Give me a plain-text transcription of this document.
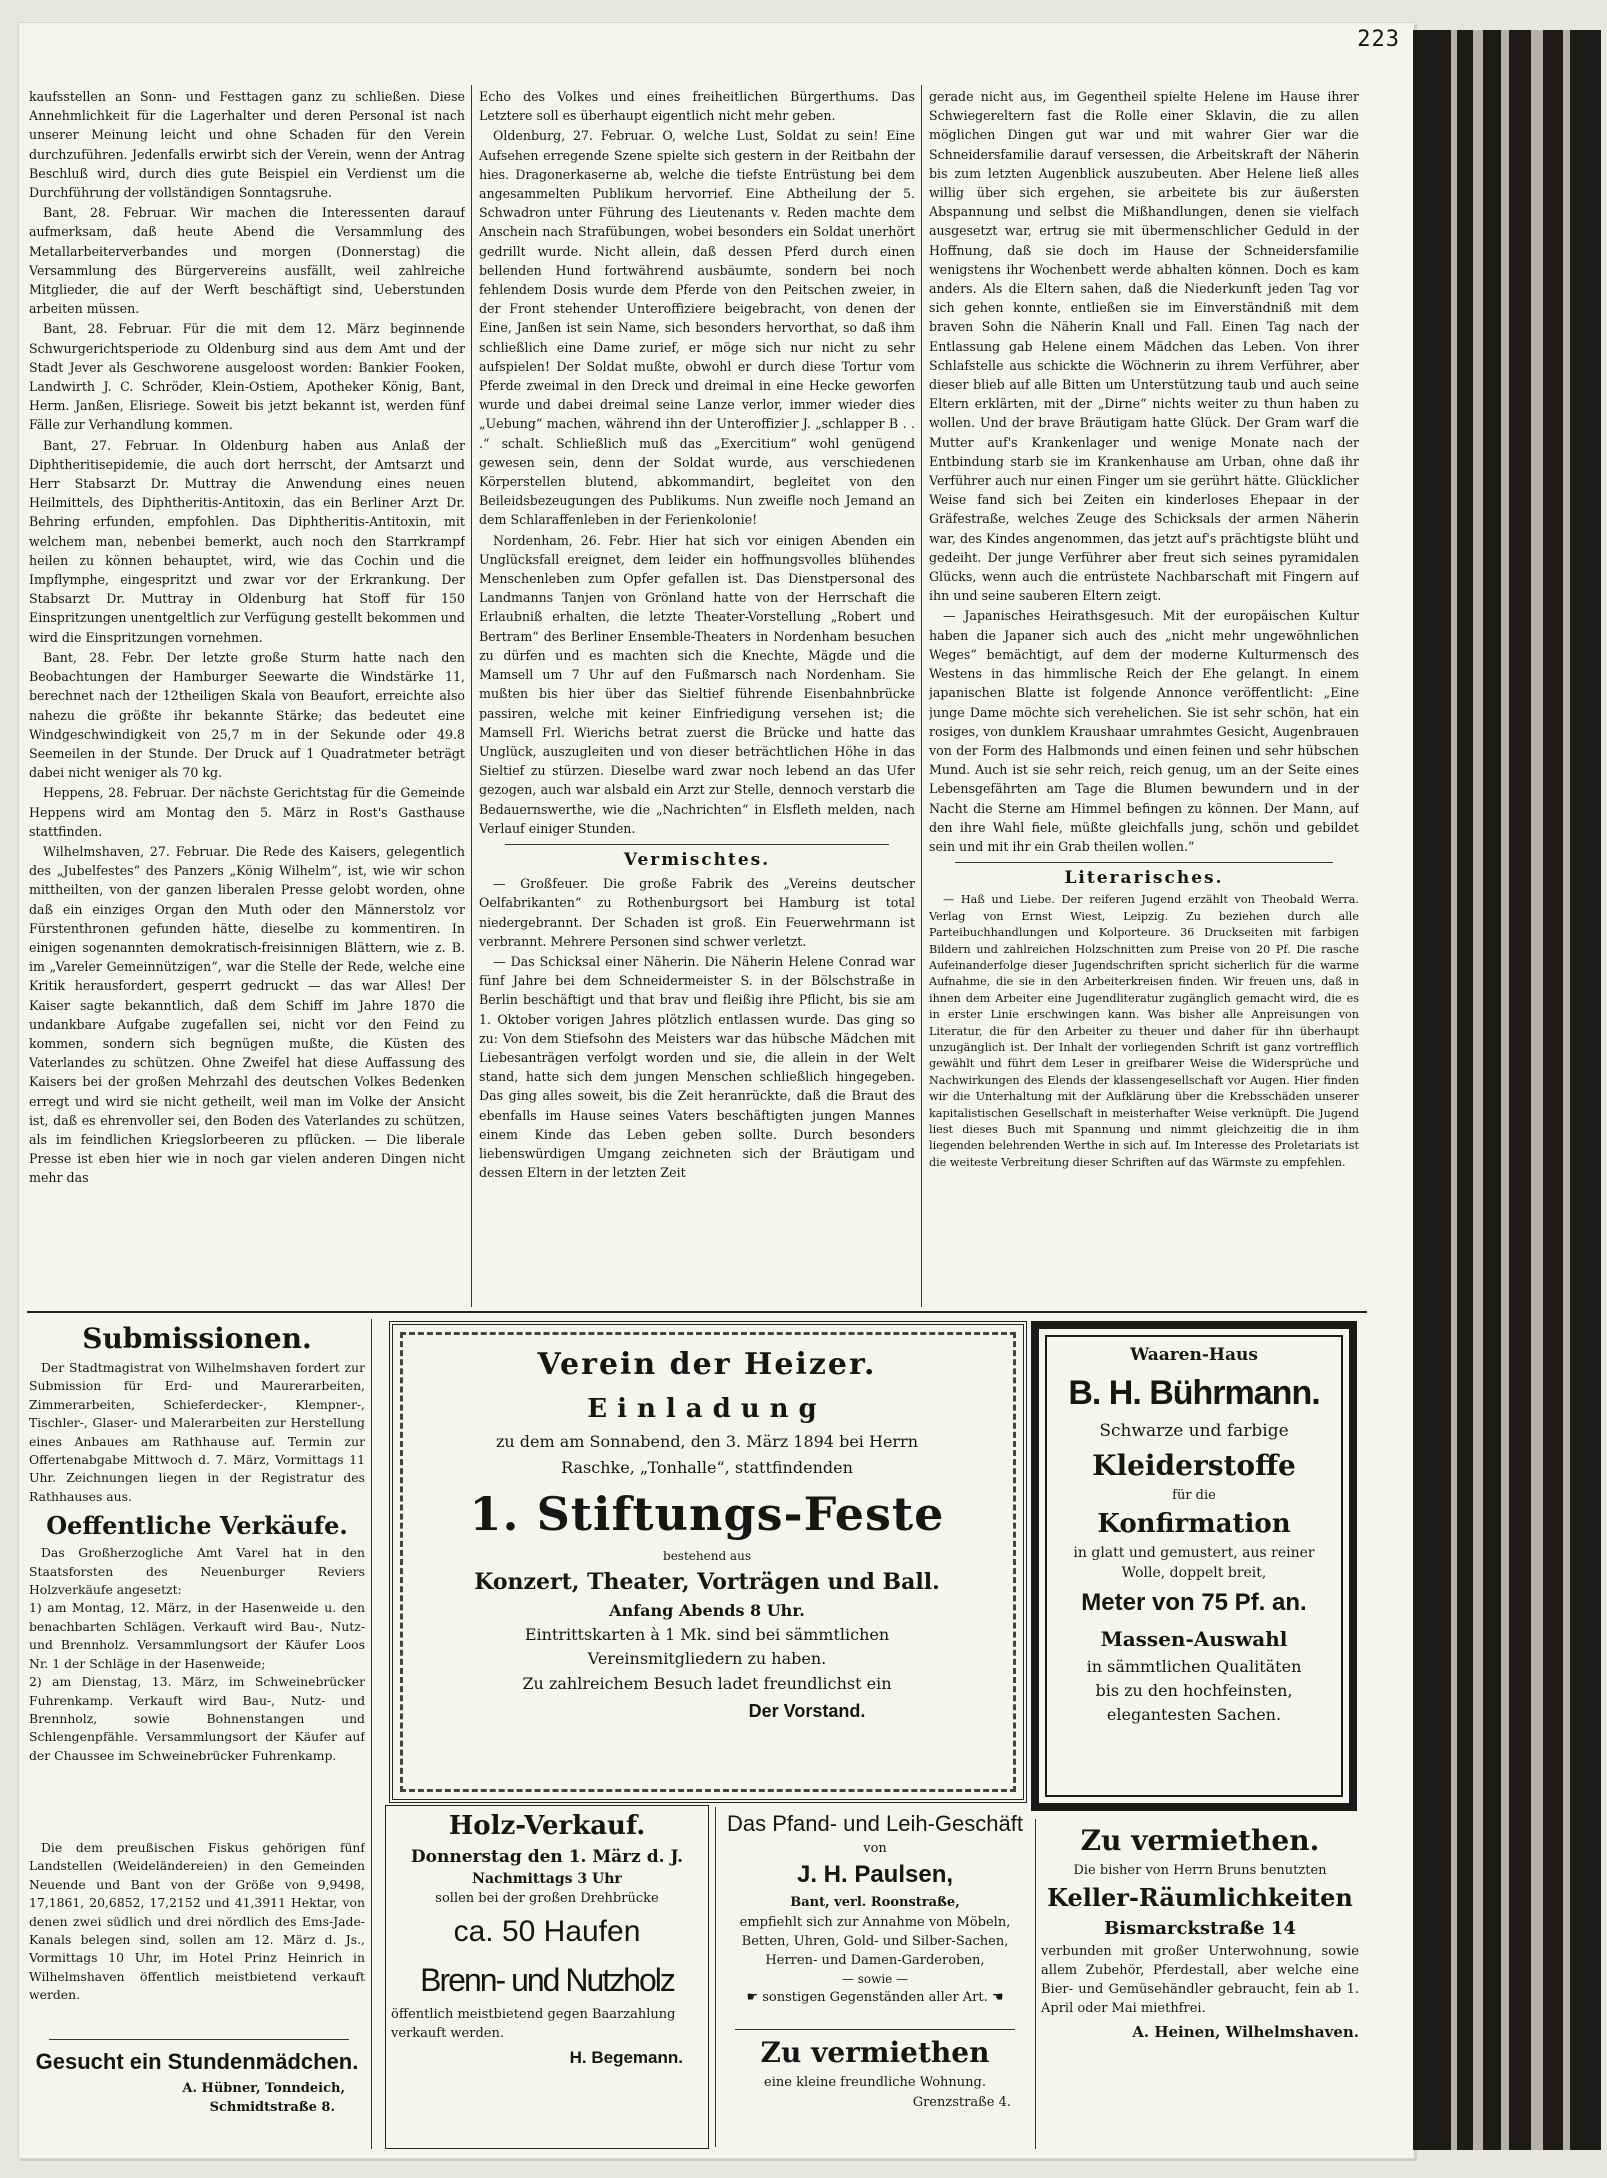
223

kaufsstellen an Sonn- und Festtagen ganz zu schließen. Diese Annehmlichkeit für die Lagerhalter und deren Personal ist nach unserer Meinung leicht und ohne Schaden für den Verein durchzuführen. Jedenfalls erwirbt sich der Verein, wenn der Antrag Beschluß wird, durch dies gute Beispiel ein Verdienst um die Durchführung der vollständigen Sonntagsruhe.

Bant, 28. Februar. Wir machen die Interessenten darauf aufmerksam, daß heute Abend die Versammlung des Metallarbeiterverbandes und morgen (Donnerstag) die Versammlung des Bürgervereins ausfällt, weil zahlreiche Mitglieder, die auf der Werft beschäftigt sind, Ueberstunden arbeiten müssen.

Bant, 28. Februar. Für die mit dem 12. März beginnende Schwurgerichtsperiode zu Oldenburg sind aus dem Amt und der Stadt Jever als Geschworene ausgeloost worden: Bankier Fooken, Landwirth J. C. Schröder, Klein-Ostiem, Apotheker König, Bant, Herm. Janßen, Elisriege. Soweit bis jetzt bekannt ist, werden fünf Fälle zur Verhandlung kommen.

Bant, 27. Februar. In Oldenburg haben aus Anlaß der Diphtheritisepidemie, die auch dort herrscht, der Amtsarzt und Herr Stabsarzt Dr. Muttray die Anwendung eines neuen Heilmittels, des Diphtheritis-Antitoxin, das ein Berliner Arzt Dr. Behring erfunden, empfohlen. Das Diphtheritis-Antitoxin, mit welchem man, nebenbei bemerkt, auch noch den Starrkrampf heilen zu können behauptet, wird, wie das Cochin und die Impflymphe, eingespritzt und zwar vor der Erkrankung. Der Stabsarzt Dr. Muttray in Oldenburg hat Stoff für 150 Einspritzungen unentgeltlich zur Verfügung gestellt bekommen und wird die Einspritzungen vornehmen.

Bant, 28. Febr. Der letzte große Sturm hatte nach den Beobachtungen der Hamburger Seewarte die Windstärke 11, berechnet nach der 12theiligen Skala von Beaufort, erreichte also nahezu die größte ihr bekannte Stärke; das bedeutet eine Windgeschwindigkeit von 25,7 m in der Sekunde oder 49.8 Seemeilen in der Stunde. Der Druck auf 1 Quadratmeter beträgt dabei nicht weniger als 70 kg.

Heppens, 28. Februar. Der nächste Gerichtstag für die Gemeinde Heppens wird am Montag den 5. März in Rost's Gasthause stattfinden.

Wilhelmshaven, 27. Februar. Die Rede des Kaisers, gelegentlich des „Jubelfestes“ des Panzers „König Wilhelm“, ist, wie wir schon mittheilten, von der ganzen liberalen Presse gelobt worden, ohne daß ein einziges Organ den Muth oder den Männerstolz vor Fürstenthronen gefunden hätte, dieselbe zu kommentiren. In einigen sogenannten demokratisch-freisinnigen Blättern, wie z. B. im „Vareler Gemeinnützigen“, war die Stelle der Rede, welche eine Kritik herausfordert, gesperrt gedruckt — das war Alles! Der Kaiser sagte bekanntlich, daß dem Schiff im Jahre 1870 die undankbare Aufgabe zugefallen sei, nicht vor den Feind zu kommen, sondern sich begnügen mußte, die Küsten des Vaterlandes zu schützen. Ohne Zweifel hat diese Auffassung des Kaisers bei der großen Mehrzahl des deutschen Volkes Bedenken erregt und wird sie nicht getheilt, weil man im Volke der Ansicht ist, daß es ehrenvoller sei, den Boden des Vaterlandes zu schützen, als im feindlichen Kriegslorbeeren zu pflücken. — Die liberale Presse ist eben hier wie in noch gar vielen anderen Dingen nicht mehr das

Echo des Volkes und eines freiheitlichen Bürgerthums. Das Letztere soll es überhaupt eigentlich nicht mehr geben.

Oldenburg, 27. Februar. O, welche Lust, Soldat zu sein! Eine Aufsehen erregende Szene spielte sich gestern in der Reitbahn der hies. Dragonerkaserne ab, welche die tiefste Entrüstung bei dem angesammelten Publikum hervorrief. Eine Abtheilung der 5. Schwadron unter Führung des Lieutenants v. Reden machte dem Anschein nach Strafübungen, wobei besonders ein Soldat unerhört gedrillt wurde. Nicht allein, daß dessen Pferd durch einen bellenden Hund fortwährend ausbäumte, sondern bei noch fehlendem Dosis wurde dem Pferde von den Peitschen zweier, in der Front stehender Unteroffiziere beigebracht, von denen der Eine, Janßen ist sein Name, sich besonders hervorthat, so daß ihm schließlich eine Dame zurief, er möge sich nur nicht zu sehr aufspielen! Der Soldat mußte, obwohl er durch diese Tortur vom Pferde zweimal in den Dreck und dreimal in eine Hecke geworfen wurde und dabei dreimal seine Lanze verlor, immer wieder dies „Uebung“ machen, während ihn der Unteroffizier J. „schlapper B . . .“ schalt. Schließlich muß das „Exercitium“ wohl genügend gewesen sein, denn der Soldat wurde, aus verschiedenen Körperstellen blutend, abkommandirt, begleitet von den Beileidsbezeugungen des Publikums. Nun zweifle noch Jemand an dem Schlaraffenleben in der Ferienkolonie!

Nordenham, 26. Febr. Hier hat sich vor einigen Abenden ein Unglücksfall ereignet, dem leider ein hoffnungsvolles blühendes Menschenleben zum Opfer gefallen ist. Das Dienstpersonal des Landmanns Tanjen von Grönland hatte von der Herrschaft die Erlaubniß erhalten, die letzte Theater-Vorstellung „Robert und Bertram“ des Berliner Ensemble-Theaters in Nordenham besuchen zu dürfen und es machten sich die Knechte, Mägde und die Mamsell um 7 Uhr auf den Fußmarsch nach Nordenham. Sie mußten bis hier über das Sieltief führende Eisenbahnbrücke passiren, welche mit keiner Einfriedigung versehen ist; die Mamsell Frl. Wierichs betrat zuerst die Brücke und hatte das Unglück, auszugleiten und von dieser beträchtlichen Höhe in das Sieltief zu stürzen. Dieselbe ward zwar noch lebend an das Ufer gezogen, auch war alsbald ein Arzt zur Stelle, dennoch verstarb die Bedauernswerthe, wie die „Nachrichten“ in Elsfleth melden, nach Verlauf einiger Stunden.

Vermischtes.

— Großfeuer. Die große Fabrik des „Vereins deutscher Oelfabrikanten“ zu Rothenburgsort bei Hamburg ist total niedergebrannt. Der Schaden ist groß. Ein Feuerwehrmann ist verbrannt. Mehrere Personen sind schwer verletzt.

— Das Schicksal einer Näherin. Die Näherin Helene Conrad war fünf Jahre bei dem Schneidermeister S. in der Bölschstraße in Berlin beschäftigt und that brav und fleißig ihre Pflicht, bis sie am 1. Oktober vorigen Jahres plötzlich entlassen wurde. Das ging so zu: Von dem Stiefsohn des Meisters war das hübsche Mädchen mit Liebesanträgen verfolgt worden und sie, die allein in der Welt stand, hatte sich dem jungen Menschen schließlich hingegeben. Das ging alles soweit, bis die Zeit heranrückte, daß die Braut des ebenfalls im Hause seines Vaters beschäftigten jungen Mannes einem Kinde das Leben geben sollte. Durch besonders liebenswürdigen Umgang zeichneten sich der Bräutigam und dessen Eltern in der letzten Zeit

gerade nicht aus, im Gegentheil spielte Helene im Hause ihrer Schwiegereltern fast die Rolle einer Sklavin, die zu allen möglichen Dingen gut war und mit wahrer Gier war die Schneidersfamilie darauf versessen, die Arbeitskraft der Näherin bis zum letzten Augenblick auszubeuten. Aber Helene ließ alles willig über sich ergehen, sie arbeitete bis zur äußersten Abspannung und selbst die Mißhandlungen, denen sie vielfach ausgesetzt war, ertrug sie mit übermenschlicher Geduld in der Hoffnung, daß sie doch im Hause der Schneidersfamilie wenigstens ihr Wochenbett werde abhalten können. Doch es kam anders. Als die Eltern sahen, daß die Niederkunft jeden Tag vor sich gehen konnte, entließen sie im Einverständniß mit dem braven Sohn die Näherin Knall und Fall. Einen Tag nach der Entlassung gab Helene einem Mädchen das Leben. Von ihrer Schlafstelle aus schickte die Wöchnerin zu ihrem Verführer, aber dieser blieb auf alle Bitten um Unterstützung taub und auch seine Eltern erklärten, mit der „Dirne“ nichts weiter zu thun haben zu wollen. Und der brave Bräutigam hatte Glück. Der Gram warf die Mutter auf's Krankenlager und wenige Monate nach der Entbindung starb sie im Krankenhause am Urban, ohne daß ihr Verführer auch nur einen Finger um sie gerührt hätte. Glücklicher Weise fand sich bei Zeiten ein kinderloses Ehepaar in der Gräfestraße, welches Zeuge des Schicksals der armen Näherin war, des Kindes angenommen, das jetzt auf's prächtigste blüht und gedeiht. Der junge Verführer aber freut sich seines pyramidalen Glücks, wenn auch die entrüstete Nachbarschaft mit Fingern auf ihn und seine sauberen Eltern zeigt.

— Japanisches Heirathsgesuch. Mit der europäischen Kultur haben die Japaner sich auch des „nicht mehr ungewöhnlichen Weges“ bemächtigt, auf dem der moderne Kulturmensch des Westens in das himmlische Reich der Ehe gelangt. In einem japanischen Blatte ist folgende Annonce veröffentlicht: „Eine junge Dame möchte sich verehelichen. Sie ist sehr schön, hat ein rosiges, von dunklem Kraushaar umrahmtes Gesicht, Augenbrauen von der Form des Halbmonds und einen feinen und sehr hübschen Mund. Auch ist sie sehr reich, reich genug, um an der Seite eines Lebensgefährten am Tage die Blumen bewundern und in der Nacht die Sterne am Himmel befingen zu können. Der Mann, auf den ihre Wahl fiele, müßte gleichfalls jung, schön und gebildet sein und mit ihr ein Grab theilen wollen.“

Literarisches.

— Haß und Liebe. Der reiferen Jugend erzählt von Theobald Werra. Verlag von Ernst Wiest, Leipzig. Zu beziehen durch alle Parteibuchhandlungen und Kolporteure. 36 Druckseiten mit farbigen Bildern und zahlreichen Holzschnitten zum Preise von 20 Pf. Die rasche Aufeinanderfolge dieser Jugendschriften spricht sicherlich für die warme Aufnahme, die sie in den Arbeiterkreisen finden. Wir freuen uns, daß in ihnen dem Arbeiter eine Jugendliteratur zugänglich gemacht wird, die es in erster Linie erschwingen kann. Was bisher alle Anpreisungen von Literatur, die für den Arbeiter zu theuer und daher für ihn überhaupt unzugänglich ist. Der Inhalt der vorliegenden Schrift ist ganz vortrefflich gewählt und führt dem Leser in greifbarer Weise die Widersprüche und Nachwirkungen des Elends der klassengesellschaft vor Augen. Hier finden wir die Unterhaltung mit der Aufklärung über die Krebsschäden unserer kapitalistischen Gesellschaft in meisterhafter Weise verknüpft. Die Jugend liest dieses Buch mit Spannung und nimmt gleichzeitig die in ihm liegenden belehrenden Werthe in sich auf. Im Interesse des Proletariats ist die weiteste Verbreitung dieser Schriften auf das Wärmste zu empfehlen.

Submissionen.

Der Stadtmagistrat von Wilhelmshaven fordert zur Submission für Erd- und Maurerarbeiten, Zimmerarbeiten, Schieferdecker-, Klempner-, Tischler-, Glaser- und Malerarbeiten zur Herstellung eines Anbaues am Rathhause auf. Termin zur Offertenabgabe Mittwoch d. 7. März, Vormittags 11 Uhr. Zeichnungen liegen in der Registratur des Rathhauses aus.

Oeffentliche Verkäufe.

Das Großherzogliche Amt Varel hat in den Staatsforsten des Neuenburger Reviers Holzverkäufe angesetzt:

1) am Montag, 12. März, in der Hasenweide u. den benachbarten Schlägen. Verkauft wird Bau-, Nutz- und Brennholz. Versammlungsort der Käufer Loos Nr. 1 der Schläge in der Hasenweide;

2) am Dienstag, 13. März, im Schweinebrücker Fuhrenkamp. Verkauft wird Bau-, Nutz- und Brennholz, sowie Bohnenstangen und Schlengenpfähle. Versammlungsort der Käufer auf der Chaussee im Schweinebrücker Fuhrenkamp.

Die dem preußischen Fiskus gehörigen fünf Landstellen (Weideländereien) in den Gemeinden Neuende und Bant von der Größe von 9,9498, 17,1861, 20,6852, 17,2152 und 41,3911 Hektar, von denen zwei südlich und drei nördlich des Ems-Jade-Kanals belegen sind, sollen am 12. März d. Js., Vormittags 10 Uhr, im Hotel Prinz Heinrich in Wilhelmshaven öffentlich meistbietend verkauft werden.

Gesucht ein Stundenmädchen.
A. Hübner, Tonndeich,
Schmidtstraße 8.
Verein der Heizer.
Einladung
zu dem am Sonnabend, den 3. März 1894 bei Herrn
Raschke, „Tonhalle“, stattfindenden
1. Stiftungs-Feste
bestehend aus
Konzert, Theater, Vorträgen und Ball.
Anfang Abends 8 Uhr.
Eintrittskarten à 1 Mk. sind bei sämmtlichen Vereinsmitgliedern zu haben.
Zu zahlreichem Besuch ladet freundlichst ein
Der Vorstand.
Waaren-Haus
B. H. Bührmann.
Schwarze und farbige
Kleiderstoffe
für die
Konfirmation
in glatt und gemustert, aus reiner Wolle, doppelt breit,
Meter von 75 Pf. an.
Massen-Auswahl
in sämmtlichen Qualitäten bis zu den hochfeinsten, elegantesten Sachen.
Holz-Verkauf.
Donnerstag den 1. März d. J.
Nachmittags 3 Uhr
sollen bei der großen Drehbrücke
ca. 50 Haufen
Brenn- und Nutzholz
öffentlich meistbietend gegen Baarzahlung verkauft werden.
H. Begemann.
Das Pfand- und Leih-Geschäft
von
J. H. Paulsen,
Bant, verl. Roonstraße,
empfiehlt sich zur Annahme von Möbeln, Betten, Uhren, Gold- und Silber-Sachen, Herren- und Damen-Garderoben,
— sowie —
☛ sonstigen Gegenständen aller Art. ☚
Zu vermiethen
eine kleine freundliche Wohnung.
Grenzstraße 4.
Zu vermiethen.
Die bisher von Herrn Bruns benutzten
Keller-Räumlichkeiten
Bismarckstraße 14
verbunden mit großer Unterwohnung, sowie allem Zubehör, Pferdestall, aber welche eine Bier- und Gemüsehändler gebraucht, fein ab 1. April oder Mai miethfrei.
A. Heinen, Wilhelmshaven.
